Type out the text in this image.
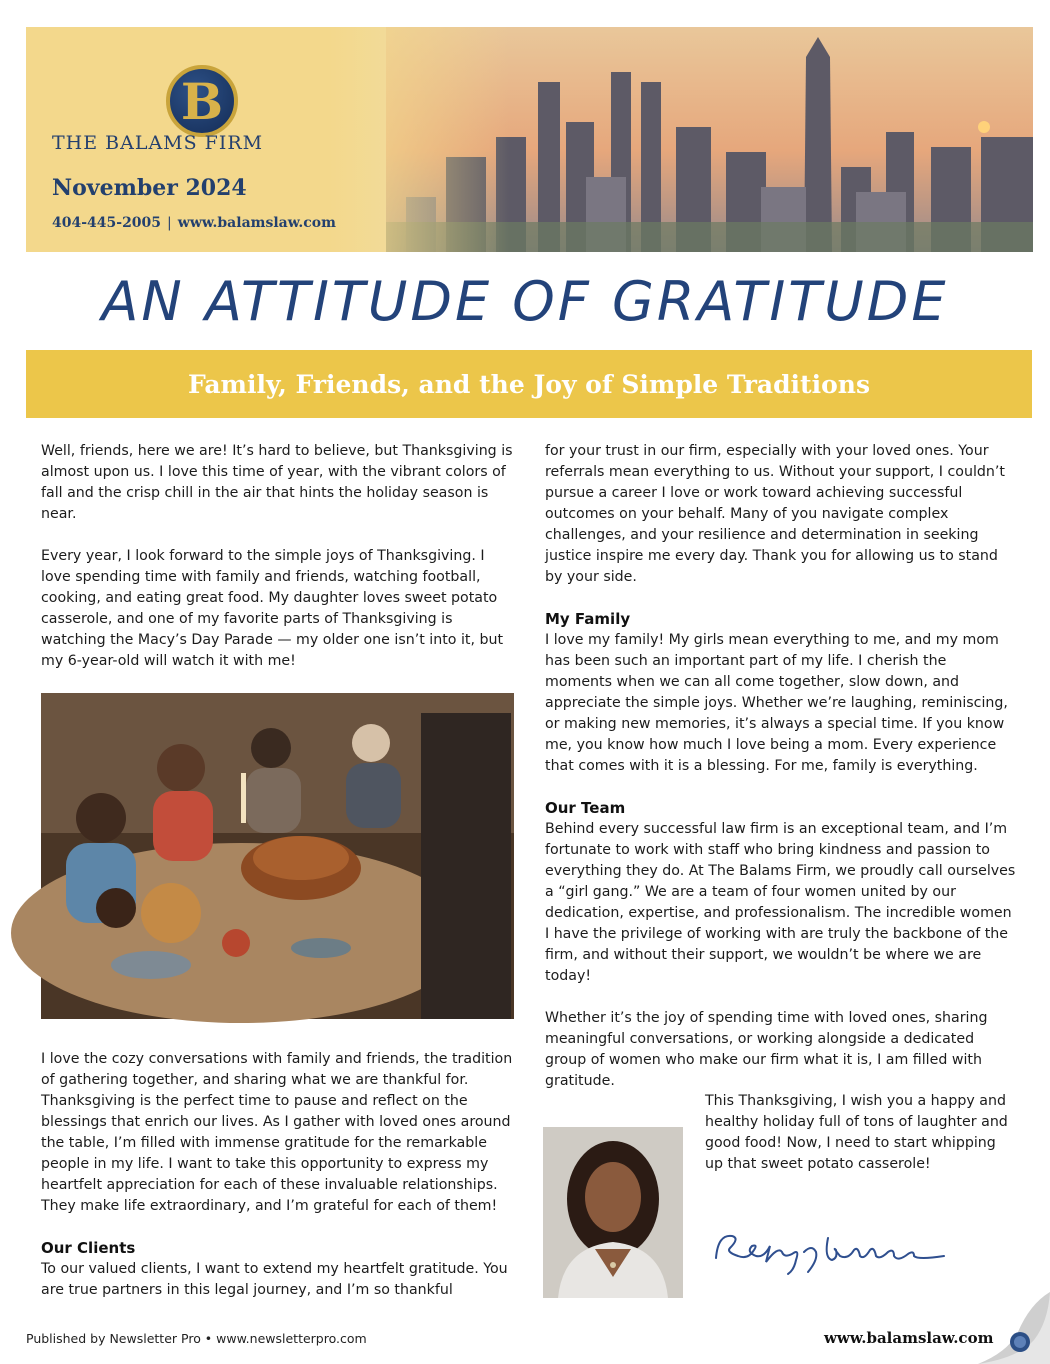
B

THE BALAMS FIRM

November 2024

404-445-2005 | www.balamslaw.com

AN ATTITUDE OF GRATITUDE
Family, Friends, and the Joy of Simple Traditions

Well, friends, here we are! It’s hard to believe, but Thanksgiving is almost upon us. I love this time of year, with the vibrant colors of fall and the crisp chill in the air that hints the holiday season is near.

Every year, I look forward to the simple joys of Thanksgiving. I love spending time with family and friends, watching football, cooking, and eating great food. My daughter loves sweet potato casserole, and one of my favorite parts of Thanksgiving is watching the Macy’s Day Parade — my older one isn’t into it, but my 6-year-old will watch it with me!

I love the cozy conversations with family and friends, the tradition of gathering together, and sharing what we are thankful for. Thanksgiving is the perfect time to pause and reflect on the blessings that enrich our lives. As I gather with loved ones around the table, I’m filled with immense gratitude for the remarkable people in my life. I want to take this opportunity to express my heartfelt appreciation for each of these invaluable relationships. They make life extraordinary, and I’m grateful for each of them!

Our Clients

To our valued clients, I want to extend my heartfelt gratitude. You are true partners in this legal journey, and I’m so thankful

for your trust in our firm, especially with your loved ones. Your referrals mean everything to us. Without your support, I couldn’t pursue a career I love or work toward achieving successful outcomes on your behalf. Many of you navigate complex challenges, and your resilience and determination in seeking justice inspire me every day. Thank you for allowing us to stand by your side.

My Family

I love my family! My girls mean everything to me, and my mom has been such an important part of my life. I cherish the moments when we can all come together, slow down, and appreciate the simple joys. Whether we’re laughing, reminiscing, or making new memories, it’s always a special time. If you know me, you know how much I love being a mom. Every experience that comes with it is a blessing. For me, family is everything.

Our Team

Behind every successful law firm is an exceptional team, and I’m fortunate to work with staff who bring kindness and passion to everything they do. At The Balams Firm, we proudly call ourselves a “girl gang.” We are a team of four women united by our dedication, expertise, and professionalism. The incredible women I have the privilege of working with are truly the backbone of the firm, and without their support, we wouldn’t be where we are today!

Whether it’s the joy of spending time with loved ones, sharing meaningful conversations, or working alongside a dedicated group of women who make our firm what it is, I am filled with gratitude.

This Thanksgiving, I wish you a happy and healthy holiday full of tons of laughter and good food! Now, I need to start whipping up that sweet potato casserole!

Published by Newsletter Pro • www.newsletterpro.com	www.balamslaw.com
